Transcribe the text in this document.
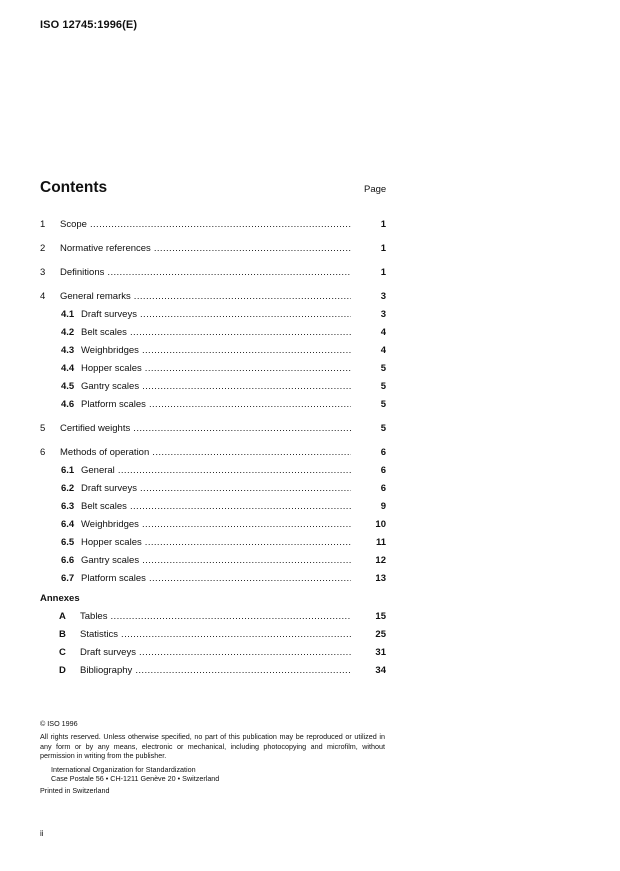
ISO 12745:1996(E)
Contents	Page
1 Scope .....	1
2 Normative references .....	1
3 Definitions .....	1
4 General remarks .....	3
4.1 Draft surveys .....	3
4.2 Belt scales .....	4
4.3 Weighbridges .....	4
4.4 Hopper scales .....	5
4.5 Gantry scales .....	5
4.6 Platform scales .....	5
5 Certified weights .....	5
6 Methods of operation .....	6
6.1 General .....	6
6.2 Draft surveys .....	6
6.3 Belt scales .....	9
6.4 Weighbridges .....	10
6.5 Hopper scales .....	11
6.6 Gantry scales .....	12
6.7 Platform scales .....	13
Annexes
A Tables .....	15
B Statistics .....	25
C Draft surveys .....	31
D Bibliography .....	34
© ISO 1996
All rights reserved. Unless otherwise specified, no part of this publication may be reproduced or utilized in any form or by any means, electronic or mechanical, including photocopying and microfilm, without permission in writing from the publisher.
International Organization for Standardization
Case Postale 56 • CH-1211 Genève 20 • Switzerland
Printed in Switzerland
ii
